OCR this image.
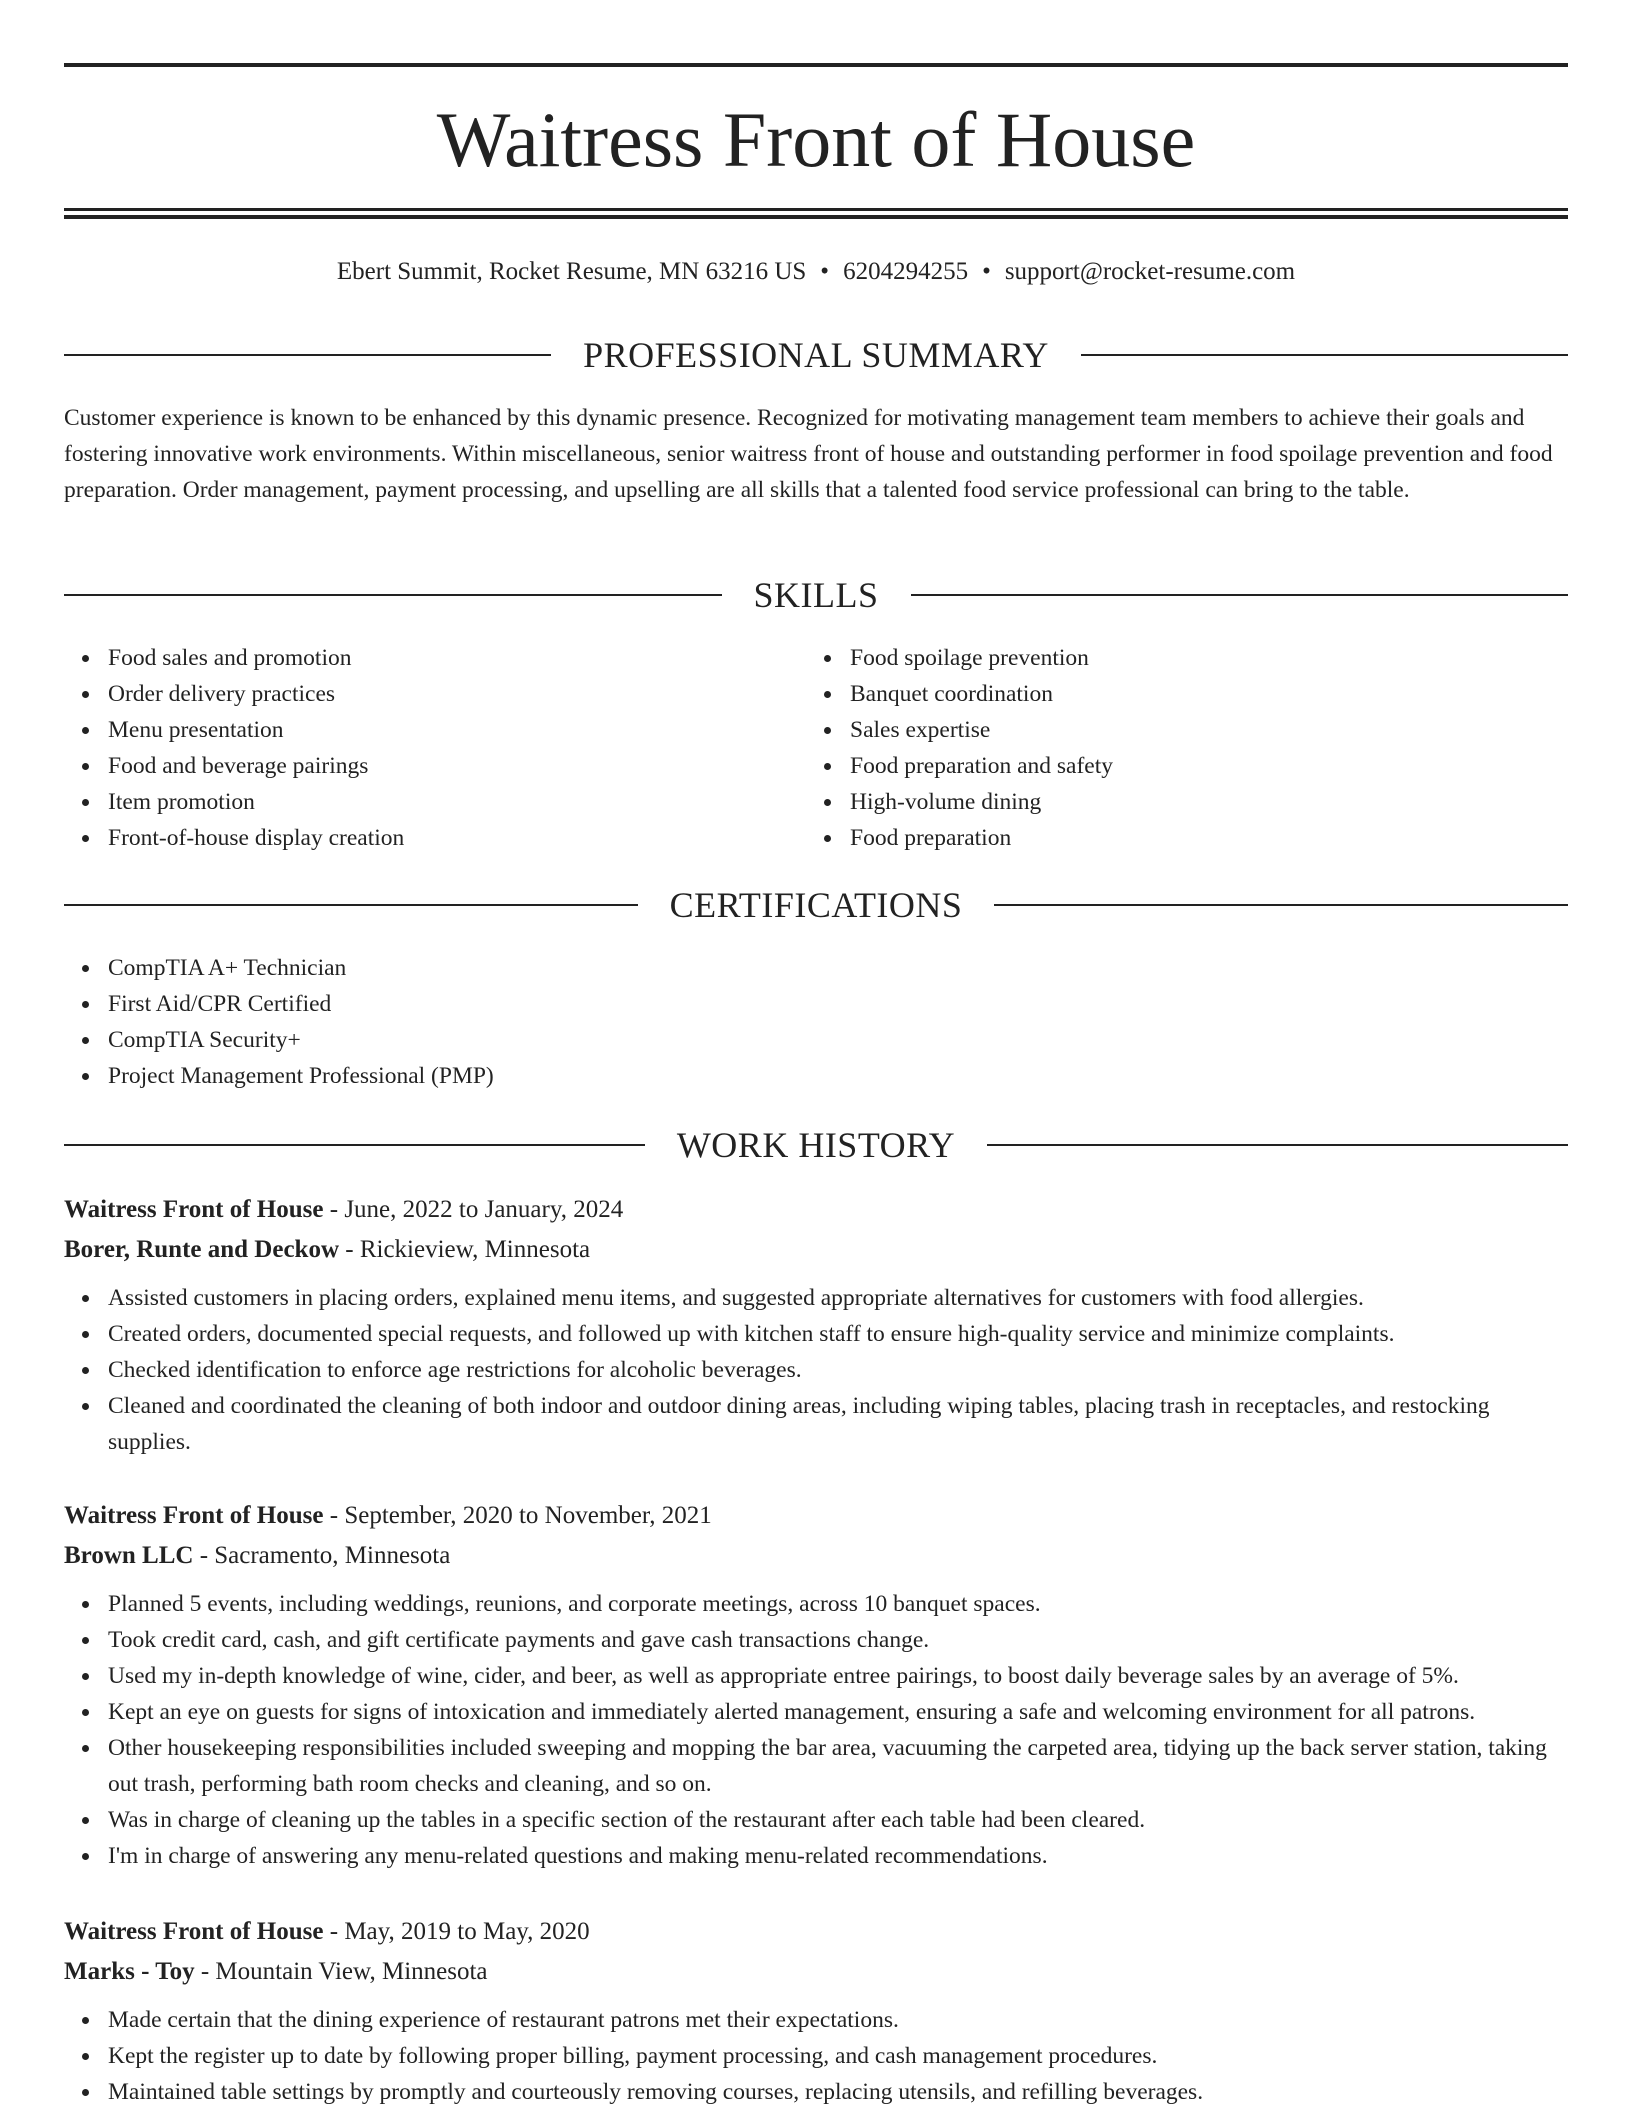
Waitress Front of House
Ebert Summit, Rocket Resume, MN 63216 US • 6204294255 • support@rocket-resume.com
PROFESSIONAL SUMMARY

Customer experience is known to be enhanced by this dynamic presence. Recognized for motivating management team members to achieve their goals and fostering innovative work environments. Within miscellaneous, senior waitress front of house and outstanding performer in food spoilage prevention and food preparation. Order management, payment processing, and upselling are all skills that a talented food service professional can bring to the table.

SKILLS
Food sales and promotion
Order delivery practices
Menu presentation
Food and beverage pairings
Item promotion
Front-of-house display creation
Food spoilage prevention
Banquet coordination
Sales expertise
Food preparation and safety
High-volume dining
Food preparation
CERTIFICATIONS
CompTIA A+ Technician
First Aid/CPR Certified
CompTIA Security+
Project Management Professional (PMP)
WORK HISTORY
Waitress Front of House - June, 2022 to January, 2024
Borer, Runte and Deckow - Rickieview, Minnesota
Assisted customers in placing orders, explained menu items, and suggested appropriate alternatives for customers with food allergies.
Created orders, documented special requests, and followed up with kitchen staff to ensure high-quality service and minimize complaints.
Checked identification to enforce age restrictions for alcoholic beverages.
Cleaned and coordinated the cleaning of both indoor and outdoor dining areas, including wiping tables, placing trash in receptacles, and restocking supplies.
Waitress Front of House - September, 2020 to November, 2021
Brown LLC - Sacramento, Minnesota
Planned 5 events, including weddings, reunions, and corporate meetings, across 10 banquet spaces.
Took credit card, cash, and gift certificate payments and gave cash transactions change.
Used my in-depth knowledge of wine, cider, and beer, as well as appropriate entree pairings, to boost daily beverage sales by an average of 5%.
Kept an eye on guests for signs of intoxication and immediately alerted management, ensuring a safe and welcoming environment for all patrons.
Other housekeeping responsibilities included sweeping and mopping the bar area, vacuuming the carpeted area, tidying up the back server station, taking out trash, performing bath room checks and cleaning, and so on.
Was in charge of cleaning up the tables in a specific section of the restaurant after each table had been cleared.
I'm in charge of answering any menu-related questions and making menu-related recommendations.
Waitress Front of House - May, 2019 to May, 2020
Marks - Toy - Mountain View, Minnesota
Made certain that the dining experience of restaurant patrons met their expectations.
Kept the register up to date by following proper billing, payment processing, and cash management procedures.
Maintained table settings by promptly and courteously removing courses, replacing utensils, and refilling beverages.
